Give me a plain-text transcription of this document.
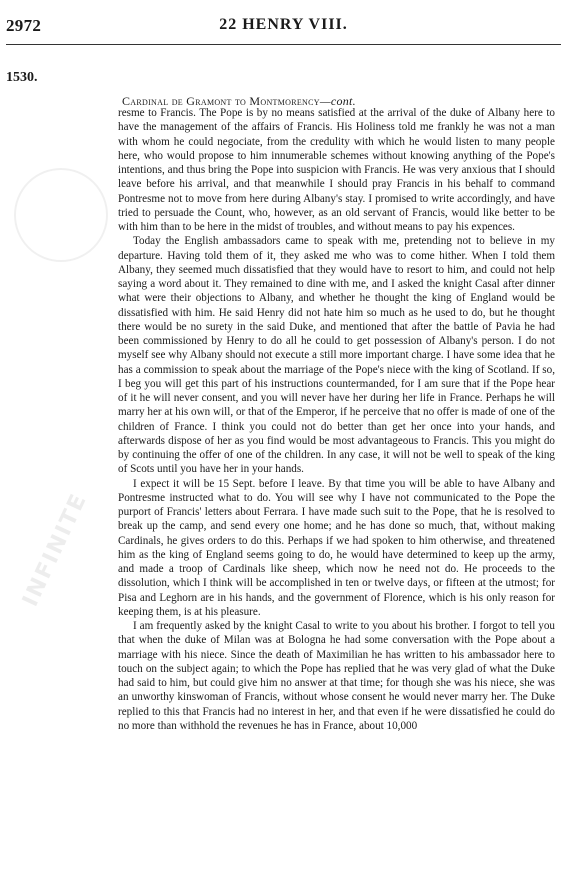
INFINITE
2972	22 HENRY VIII.
1530.
Cardinal de Gramont to Montmorency—cont.

resme to Francis. The Pope is by no means satisfied at the arrival of the duke of Albany here to have the management of the affairs of Francis. His Holiness told me frankly he was not a man with whom he could negociate, from the credulity with which he would listen to many people here, who would propose to him innumerable schemes without knowing anything of the Pope's intentions, and thus bring the Pope into suspicion with Francis. He was very anxious that I should leave before his arrival, and that meanwhile I should pray Francis in his behalf to command Pontresme not to move from here during Albany's stay. I promised to write accordingly, and have tried to persuade the Count, who, however, as an old servant of Francis, would like better to be with him than to be here in the midst of troubles, and without means to pay his expences.

Today the English ambassadors came to speak with me, pretending not to believe in my departure. Having told them of it, they asked me who was to come hither. When I told them Albany, they seemed much dissatisfied that they would have to resort to him, and could not help saying a word about it. They remained to dine with me, and I asked the knight Casal after dinner what were their objections to Albany, and whether he thought the king of England would be dissatisfied with him. He said Henry did not hate him so much as he used to do, but he thought there would be no surety in the said Duke, and mentioned that after the battle of Pavia he had been commissioned by Henry to do all he could to get possession of Albany's person. I do not myself see why Albany should not execute a still more important charge. I have some idea that he has a commission to speak about the marriage of the Pope's niece with the king of Scotland. If so, I beg you will get this part of his instructions countermanded, for I am sure that if the Pope hear of it he will never consent, and you will never have her during her life in France. Perhaps he will marry her at his own will, or that of the Emperor, if he perceive that no offer is made of one of the children of France. I think you could not do better than get her once into your hands, and afterwards dispose of her as you find would be most advantageous to Francis. This you might do by continuing the offer of one of the children. In any case, it will not be well to speak of the king of Scots until you have her in your hands.

I expect it will be 15 Sept. before I leave. By that time you will be able to have Albany and Pontresme instructed what to do. You will see why I have not communicated to the Pope the purport of Francis' letters about Ferrara. I have made such suit to the Pope, that he is resolved to break up the camp, and send every one home; and he has done so much, that, without making Cardinals, he gives orders to do this. Perhaps if we had spoken to him otherwise, and threatened him as the king of England seems going to do, he would have determined to keep up the army, and made a troop of Cardinals like sheep, which now he need not do. He proceeds to the dissolution, which I think will be accomplished in ten or twelve days, or fifteen at the utmost; for Pisa and Leghorn are in his hands, and the government of Florence, which is his only reason for keeping them, is at his pleasure.

I am frequently asked by the knight Casal to write to you about his brother. I forgot to tell you that when the duke of Milan was at Bologna he had some conversation with the Pope about a marriage with his niece. Since the death of Maximilian he has written to his ambassador here to touch on the subject again; to which the Pope has replied that he was very glad of what the Duke had said to him, but could give him no answer at that time; for though she was his niece, she was an unworthy kinswoman of Francis, without whose consent he would never marry her. The Duke replied to this that Francis had no interest in her, and that even if he were dissatisfied he could do no more than withhold the revenues he has in France, about 10,000
